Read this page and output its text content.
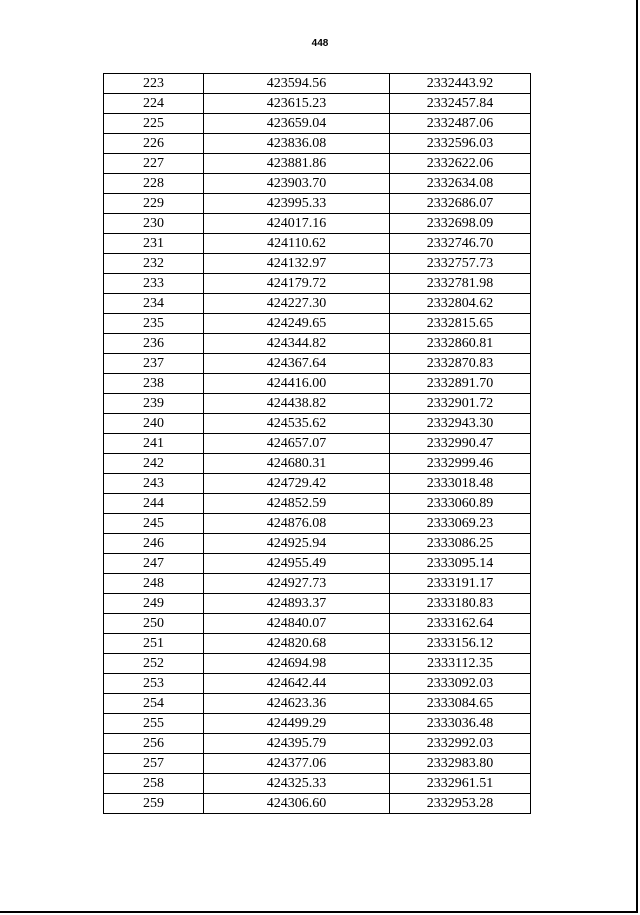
448
223	423594.56	2332443.92
224	423615.23	2332457.84
225	423659.04	2332487.06
226	423836.08	2332596.03
227	423881.86	2332622.06
228	423903.70	2332634.08
229	423995.33	2332686.07
230	424017.16	2332698.09
231	424110.62	2332746.70
232	424132.97	2332757.73
233	424179.72	2332781.98
234	424227.30	2332804.62
235	424249.65	2332815.65
236	424344.82	2332860.81
237	424367.64	2332870.83
238	424416.00	2332891.70
239	424438.82	2332901.72
240	424535.62	2332943.30
241	424657.07	2332990.47
242	424680.31	2332999.46
243	424729.42	2333018.48
244	424852.59	2333060.89
245	424876.08	2333069.23
246	424925.94	2333086.25
247	424955.49	2333095.14
248	424927.73	2333191.17
249	424893.37	2333180.83
250	424840.07	2333162.64
251	424820.68	2333156.12
252	424694.98	2333112.35
253	424642.44	2333092.03
254	424623.36	2333084.65
255	424499.29	2333036.48
256	424395.79	2332992.03
257	424377.06	2332983.80
258	424325.33	2332961.51
259	424306.60	2332953.28
